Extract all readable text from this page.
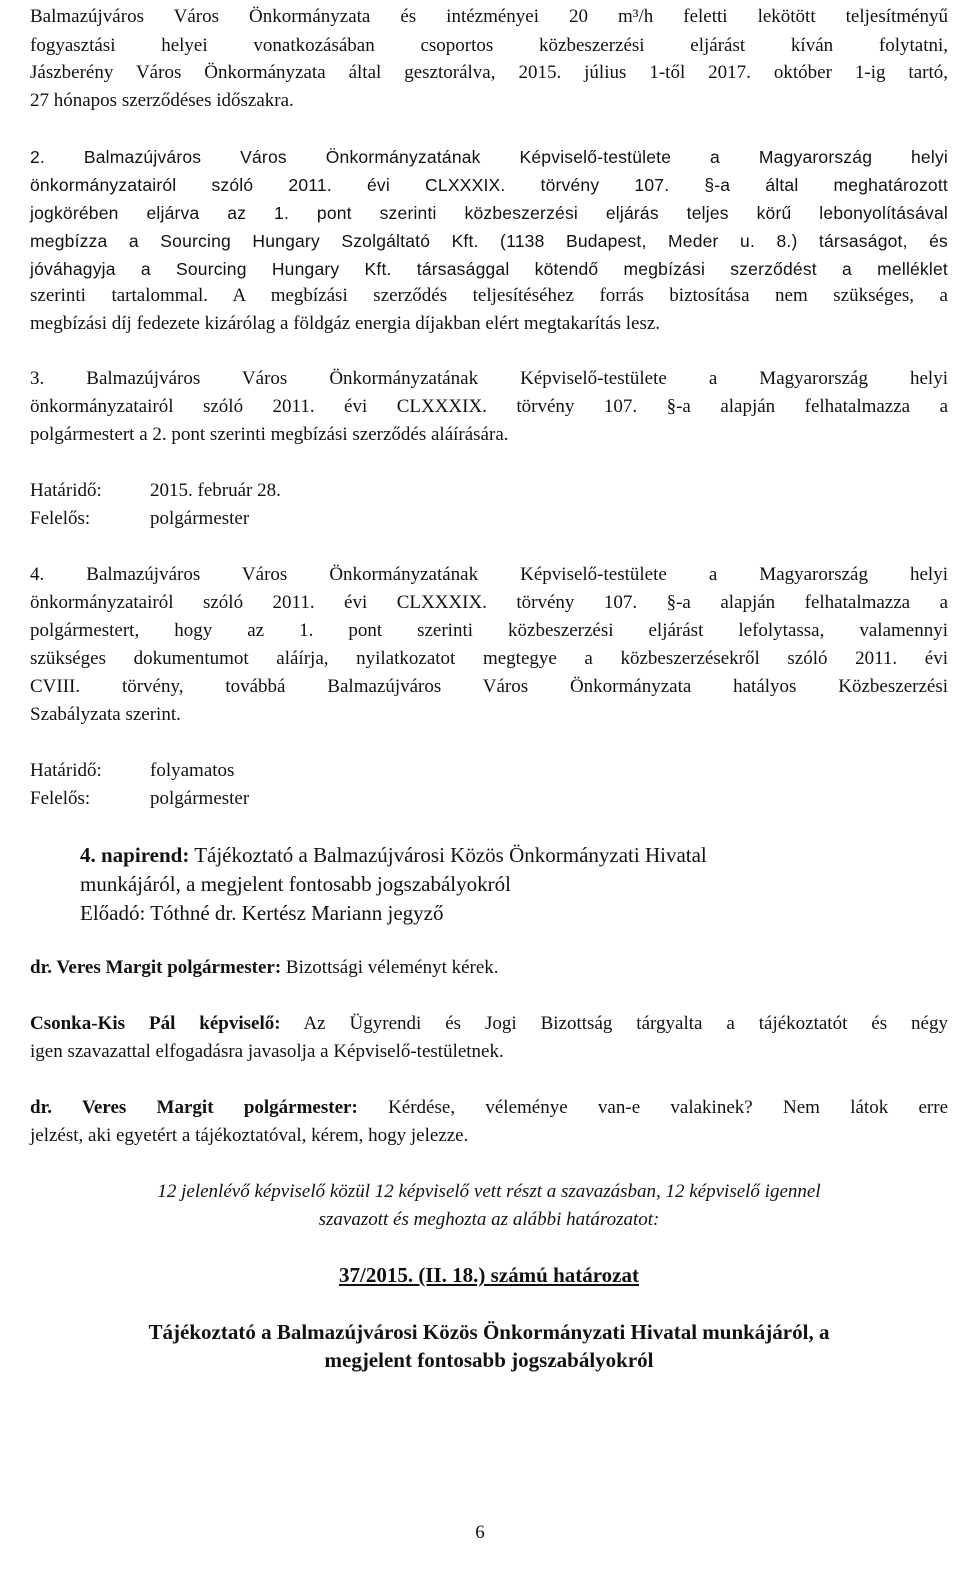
Balmazújváros Város Önkormányzata és intézményei 20 m³/h feletti lekötött teljesítményű
fogyasztási helyei vonatkozásában csoportos közbeszerzési eljárást kíván folytatni,
Jászberény Város Önkormányzata által gesztorálva, 2015. július 1-től 2017. október 1-ig tartó,
27 hónapos szerződéses időszakra.
2. Balmazújváros Város Önkormányzatának Képviselő-testülete a Magyarország helyi
önkormányzatairól szóló 2011. évi CLXXXIX. törvény 107. §-a által meghatározott
jogkörében eljárva az 1. pont szerinti közbeszerzési eljárás teljes körű lebonyolításával
megbízza a Sourcing Hungary Szolgáltató Kft. (1138 Budapest, Meder u. 8.) társaságot, és
jóváhagyja a Sourcing Hungary Kft. társasággal kötendő megbízási szerződést a melléklet
szerinti tartalommal. A megbízási szerződés teljesítéséhez forrás biztosítása nem szükséges, a
megbízási díj fedezete kizárólag a földgáz energia díjakban elért megtakarítás lesz.
3. Balmazújváros Város Önkormányzatának Képviselő-testülete a Magyarország helyi
önkormányzatairól szóló 2011. évi CLXXXIX. törvény 107. §-a alapján felhatalmazza a
polgármestert a 2. pont szerinti megbízási szerződés aláírására.
Határidő:	2015. február 28.
Felelős:	polgármester
4. Balmazújváros Város Önkormányzatának Képviselő-testülete a Magyarország helyi
önkormányzatairól szóló 2011. évi CLXXXIX. törvény 107. §-a alapján felhatalmazza a
polgármestert, hogy az 1. pont szerinti közbeszerzési eljárást lefolytassa, valamennyi
szükséges dokumentumot aláírja, nyilatkozatot megtegye a közbeszerzésekről szóló 2011. évi
CVIII. törvény, továbbá Balmazújváros Város Önkormányzata hatályos Közbeszerzési
Szabályzata szerint.
Határidő:	folyamatos
Felelős:	polgármester
4. napirend: Tájékoztató a Balmazújvárosi Közös Önkormányzati Hivatal
munkájáról, a megjelent fontosabb jogszabályokról
Előadó: Tóthné dr. Kertész Mariann jegyző
dr. Veres Margit polgármester: Bizottsági véleményt kérek.
Csonka-Kis Pál képviselő: Az Ügyrendi és Jogi Bizottság tárgyalta a tájékoztatót és négy
igen szavazattal elfogadásra javasolja a Képviselő-testületnek.
dr. Veres Margit polgármester: Kérdése, véleménye van-e valakinek? Nem látok erre
jelzést, aki egyetért a tájékoztatóval, kérem, hogy jelezze.
12 jelenlévő képviselő közül 12 képviselő vett részt a szavazásban, 12 képviselő igennel
szavazott és meghozta az alábbi határozatot:
37/2015. (II. 18.) számú határozat
Tájékoztató a Balmazújvárosi Közös Önkormányzati Hivatal munkájáról, a
megjelent fontosabb jogszabályokról
6
